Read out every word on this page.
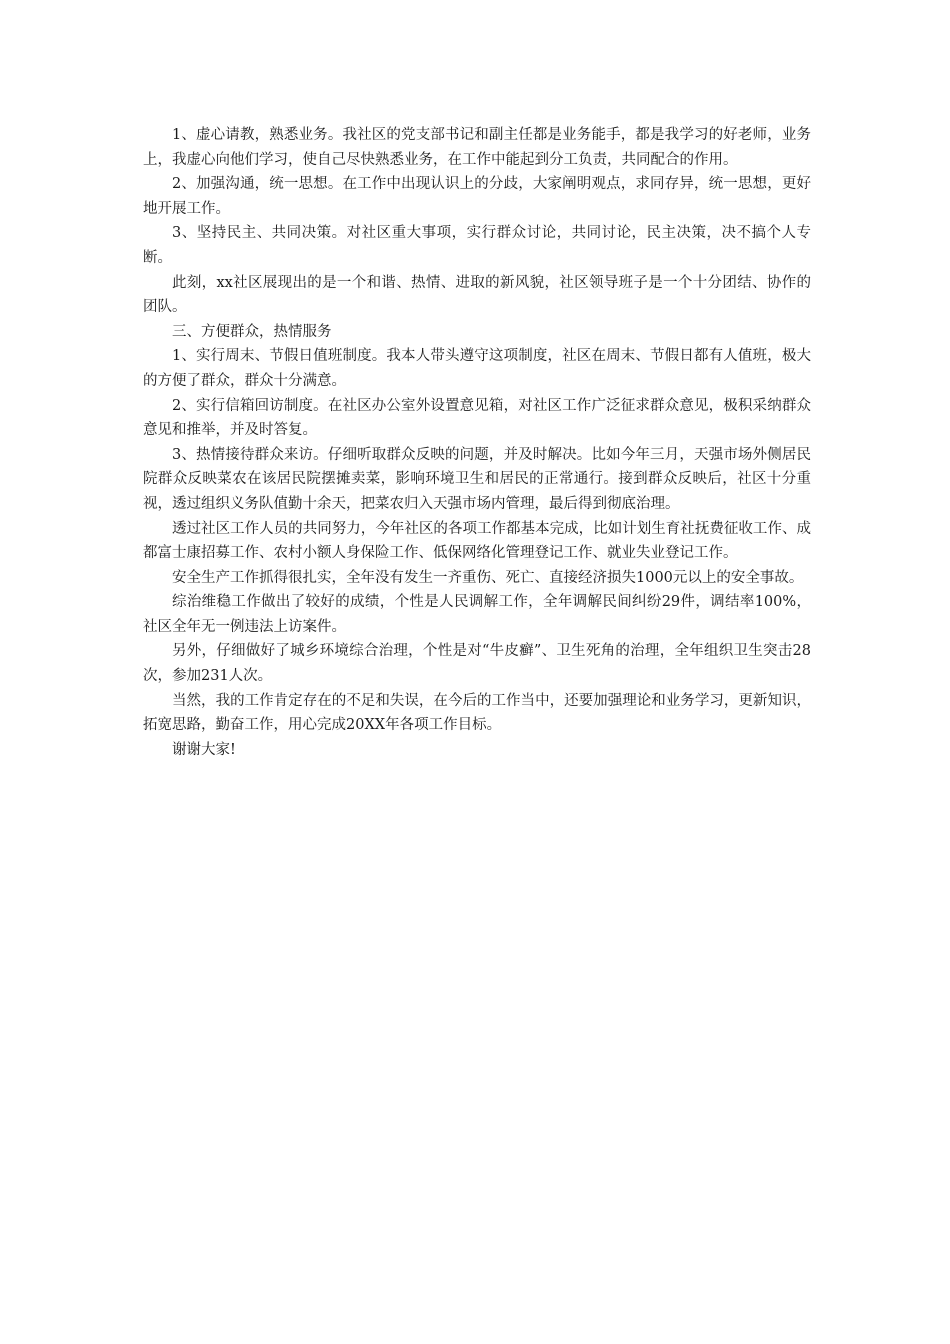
1、虚心请教，熟悉业务。我社区的党支部书记和副主任都是业务能手，都是我学习的好老师，业务上，我虚心向他们学习，使自己尽快熟悉业务，在工作中能起到分工负责，共同配合的作用。

2、加强沟通，统一思想。在工作中出现认识上的分歧，大家阐明观点，求同存异，统一思想，更好地开展工作。

3、坚持民主、共同决策。对社区重大事项，实行群众讨论，共同讨论，民主决策，决不搞个人专断。

此刻，xx社区展现出的是一个和谐、热情、进取的新风貌，社区领导班子是一个十分团结、协作的团队。

三、方便群众，热情服务

1、实行周末、节假日值班制度。我本人带头遵守这项制度，社区在周末、节假日都有人值班，极大的方便了群众，群众十分满意。

2、实行信箱回访制度。在社区办公室外设置意见箱，对社区工作广泛征求群众意见，极积采纳群众意见和推举，并及时答复。

3、热情接待群众来访。仔细听取群众反映的问题，并及时解决。比如今年三月，天强市场外侧居民院群众反映菜农在该居民院摆摊卖菜，影响环境卫生和居民的正常通行。接到群众反映后，社区十分重视，透过组织义务队值勤十余天，把菜农归入天强市场内管理，最后得到彻底治理。

透过社区工作人员的共同努力，今年社区的各项工作都基本完成，比如计划生育社抚费征收工作、成都富士康招募工作、农村小额人身保险工作、低保网络化管理登记工作、就业失业登记工作。

安全生产工作抓得很扎实，全年没有发生一齐重伤、死亡、直接经济损失1000元以上的安全事故。

综治维稳工作做出了较好的成绩，个性是人民调解工作，全年调解民间纠纷29件，调结率100%，社区全年无一例违法上访案件。

另外，仔细做好了城乡环境综合治理，个性是对“牛皮癣”、卫生死角的治理，全年组织卫生突击28次，参加231人次。

当然，我的工作肯定存在的不足和失误，在今后的工作当中，还要加强理论和业务学习，更新知识，拓宽思路，勤奋工作，用心完成20XX年各项工作目标。

谢谢大家!
